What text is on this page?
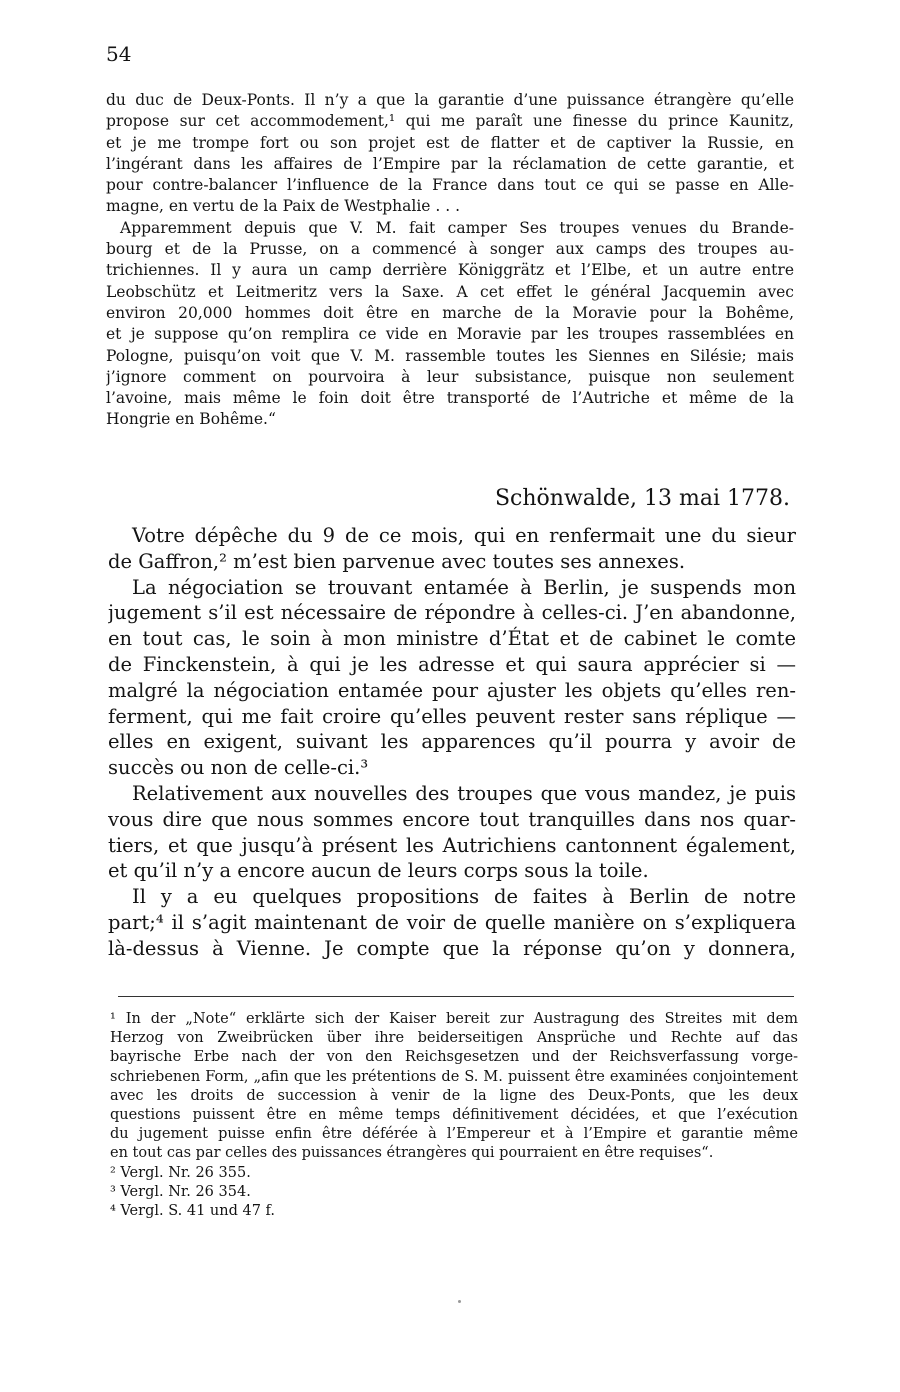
54
du duc de Deux-Ponts. Il n’y a que la garantie d’une puissance étrangère qu’elle
propose sur cet accommodement,¹ qui me paraît une finesse du prince Kaunitz,
et je me trompe fort ou son projet est de flatter et de captiver la Russie, en
l’ingérant dans les affaires de l’Empire par la réclamation de cette garantie, et
pour contre-balancer l’influence de la France dans tout ce qui se passe en Alle-
magne, en vertu de la Paix de Westphalie . . .
Apparemment depuis que V. M. fait camper Ses troupes venues du Brande-
bourg et de la Prusse, on a commencé à songer aux camps des troupes au-
trichiennes. Il y aura un camp derrière Königgrätz et l’Elbe, et un autre entre
Leobschütz et Leitmeritz vers la Saxe. A cet effet le général Jacquemin avec
environ 20,000 hommes doit être en marche de la Moravie pour la Bohême,
et je suppose qu’on remplira ce vide en Moravie par les troupes rassemblées en
Pologne, puisqu’on voit que V. M. rassemble toutes les Siennes en Silésie; mais
j’ignore comment on pourvoira à leur subsistance, puisque non seulement
l’avoine, mais même le foin doit être transporté de l’Autriche et même de la
Hongrie en Bohême.“
Schönwalde, 13 mai 1778.
Votre dépêche du 9 de ce mois, qui en renfermait une du sieur
de Gaffron,² m’est bien parvenue avec toutes ses annexes.
La négociation se trouvant entamée à Berlin, je suspends mon
jugement s’il est nécessaire de répondre à celles-ci. J’en abandonne,
en tout cas, le soin à mon ministre d’État et de cabinet le comte
de Finckenstein, à qui je les adresse et qui saura apprécier si —
malgré la négociation entamée pour ajuster les objets qu’elles ren-
ferment, qui me fait croire qu’elles peuvent rester sans réplique —
elles en exigent, suivant les apparences qu’il pourra y avoir de
succès ou non de celle-ci.³
Relativement aux nouvelles des troupes que vous mandez, je puis
vous dire que nous sommes encore tout tranquilles dans nos quar-
tiers, et que jusqu’à présent les Autrichiens cantonnent également,
et qu’il n’y a encore aucun de leurs corps sous la toile.
Il y a eu quelques propositions de faites à Berlin de notre
part;⁴ il s’agit maintenant de voir de quelle manière on s’expliquera
là-dessus à Vienne. Je compte que la réponse qu’on y donnera,
¹ In der „Note“ erklärte sich der Kaiser bereit zur Austragung des Streites mit dem
Herzog von Zweibrücken über ihre beiderseitigen Ansprüche und Rechte auf das
bayrische Erbe nach der von den Reichsgesetzen und der Reichsverfassung vorge-
schriebenen Form, „afin que les prétentions de S. M. puissent être examinées conjointement
avec les droits de succession à venir de la ligne des Deux-Ponts, que les deux
questions puissent être en même temps définitivement décidées, et que l’exécution
du jugement puisse enfin être déférée à l’Empereur et à l’Empire et garantie même
en tout cas par celles des puissances étrangères qui pourraient en être requises“.
² Vergl. Nr. 26 355.
³ Vergl. Nr. 26 354.
⁴ Vergl. S. 41 und 47 f.
